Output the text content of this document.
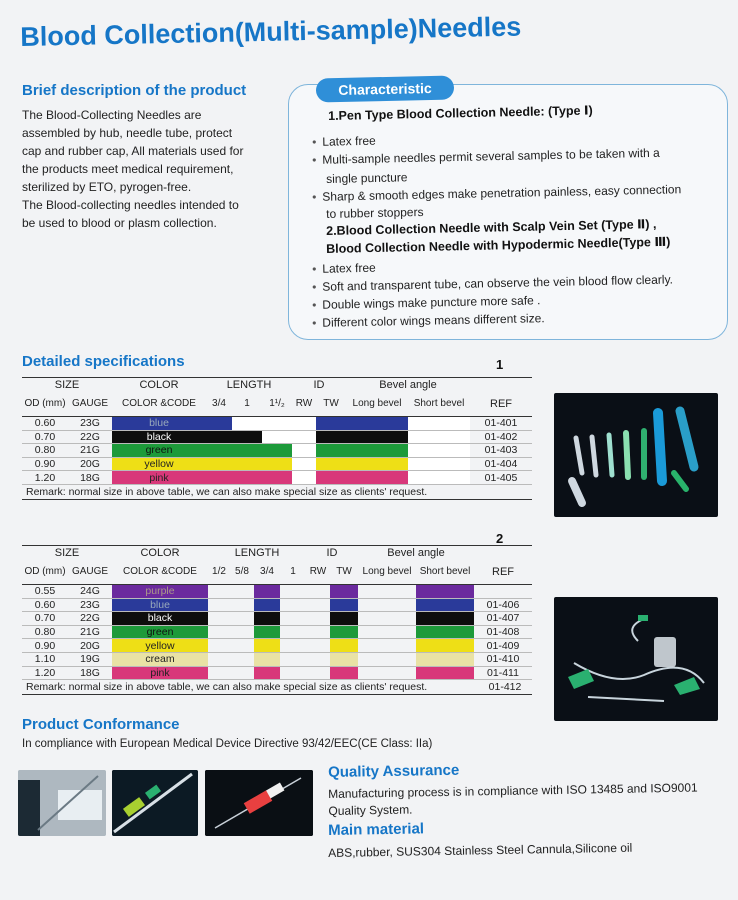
Blood Collection(Multi-sample)Needles
Brief description of the product
The Blood-Collecting Needles are
assembled by hub, needle tube, protect
cap and rubber cap, All materials used for
the products meet medical requirement,
sterilized by ETO, pyrogen-free.
The Blood-collecting needles intended to
be used to blood or plasm collection.
Characteristic
1.Pen Type Blood Collection Needle: (Type Ⅰ)
• Latex free
• Multi-sample needles permit several samples to be taken with a
single puncture
• Sharp & smooth edges make penetration painless, easy connection
to rubber stoppers
2.Blood Collection Needle with Scalp Vein Set (Type Ⅱ) ,
Blood Collection Needle with Hypodermic Needle(Type Ⅲ)
• Latex free
• Soft and transparent tube, can observe the vein blood flow clearly.
• Double wings make puncture more safe .
• Different color wings means different size.
Detailed specifications	1
SIZE		COLOR	LENGTH			ID		Bevel angle		
OD (mm)	GAUGE	COLOR &CODE	3/4	1	1¹/₂	RW	TW	Long bevel	Short bevel	REF
0.60	23G	blue								01-401
0.70	22G	black								01-402
0.80	21G	green								01-403
0.90	20G	yellow								01-404
1.20	18G	pink								01-405
Remark: normal size in above table, we can also make special size as clients' request.										
2
SIZE		COLOR	LENGTH				ID		Bevel angle		
OD (mm)	GAUGE	COLOR &CODE	1/2	5/8	3/4	1	RW	TW	Long bevel	Short bevel	REF
0.55	24G	purple									
0.60	23G	blue									01-406
0.70	22G	black									01-407
0.80	21G	green									01-408
0.90	20G	yellow									01-409
1.10	19G	cream									01-410
1.20	18G	pink									01-411
Remark: normal size in above table, we can also make special size as clients' request.											01-412
Product Conformance
In compliance with European Medical Device Directive 93/42/EEC(CE Class: IIa)
Quality Assurance
Manufacturing process is in compliance with ISO 13485 and ISO9001
Quality System.
Main material
ABS,rubber, SUS304 Stainless Steel Cannula,Silicone oil
